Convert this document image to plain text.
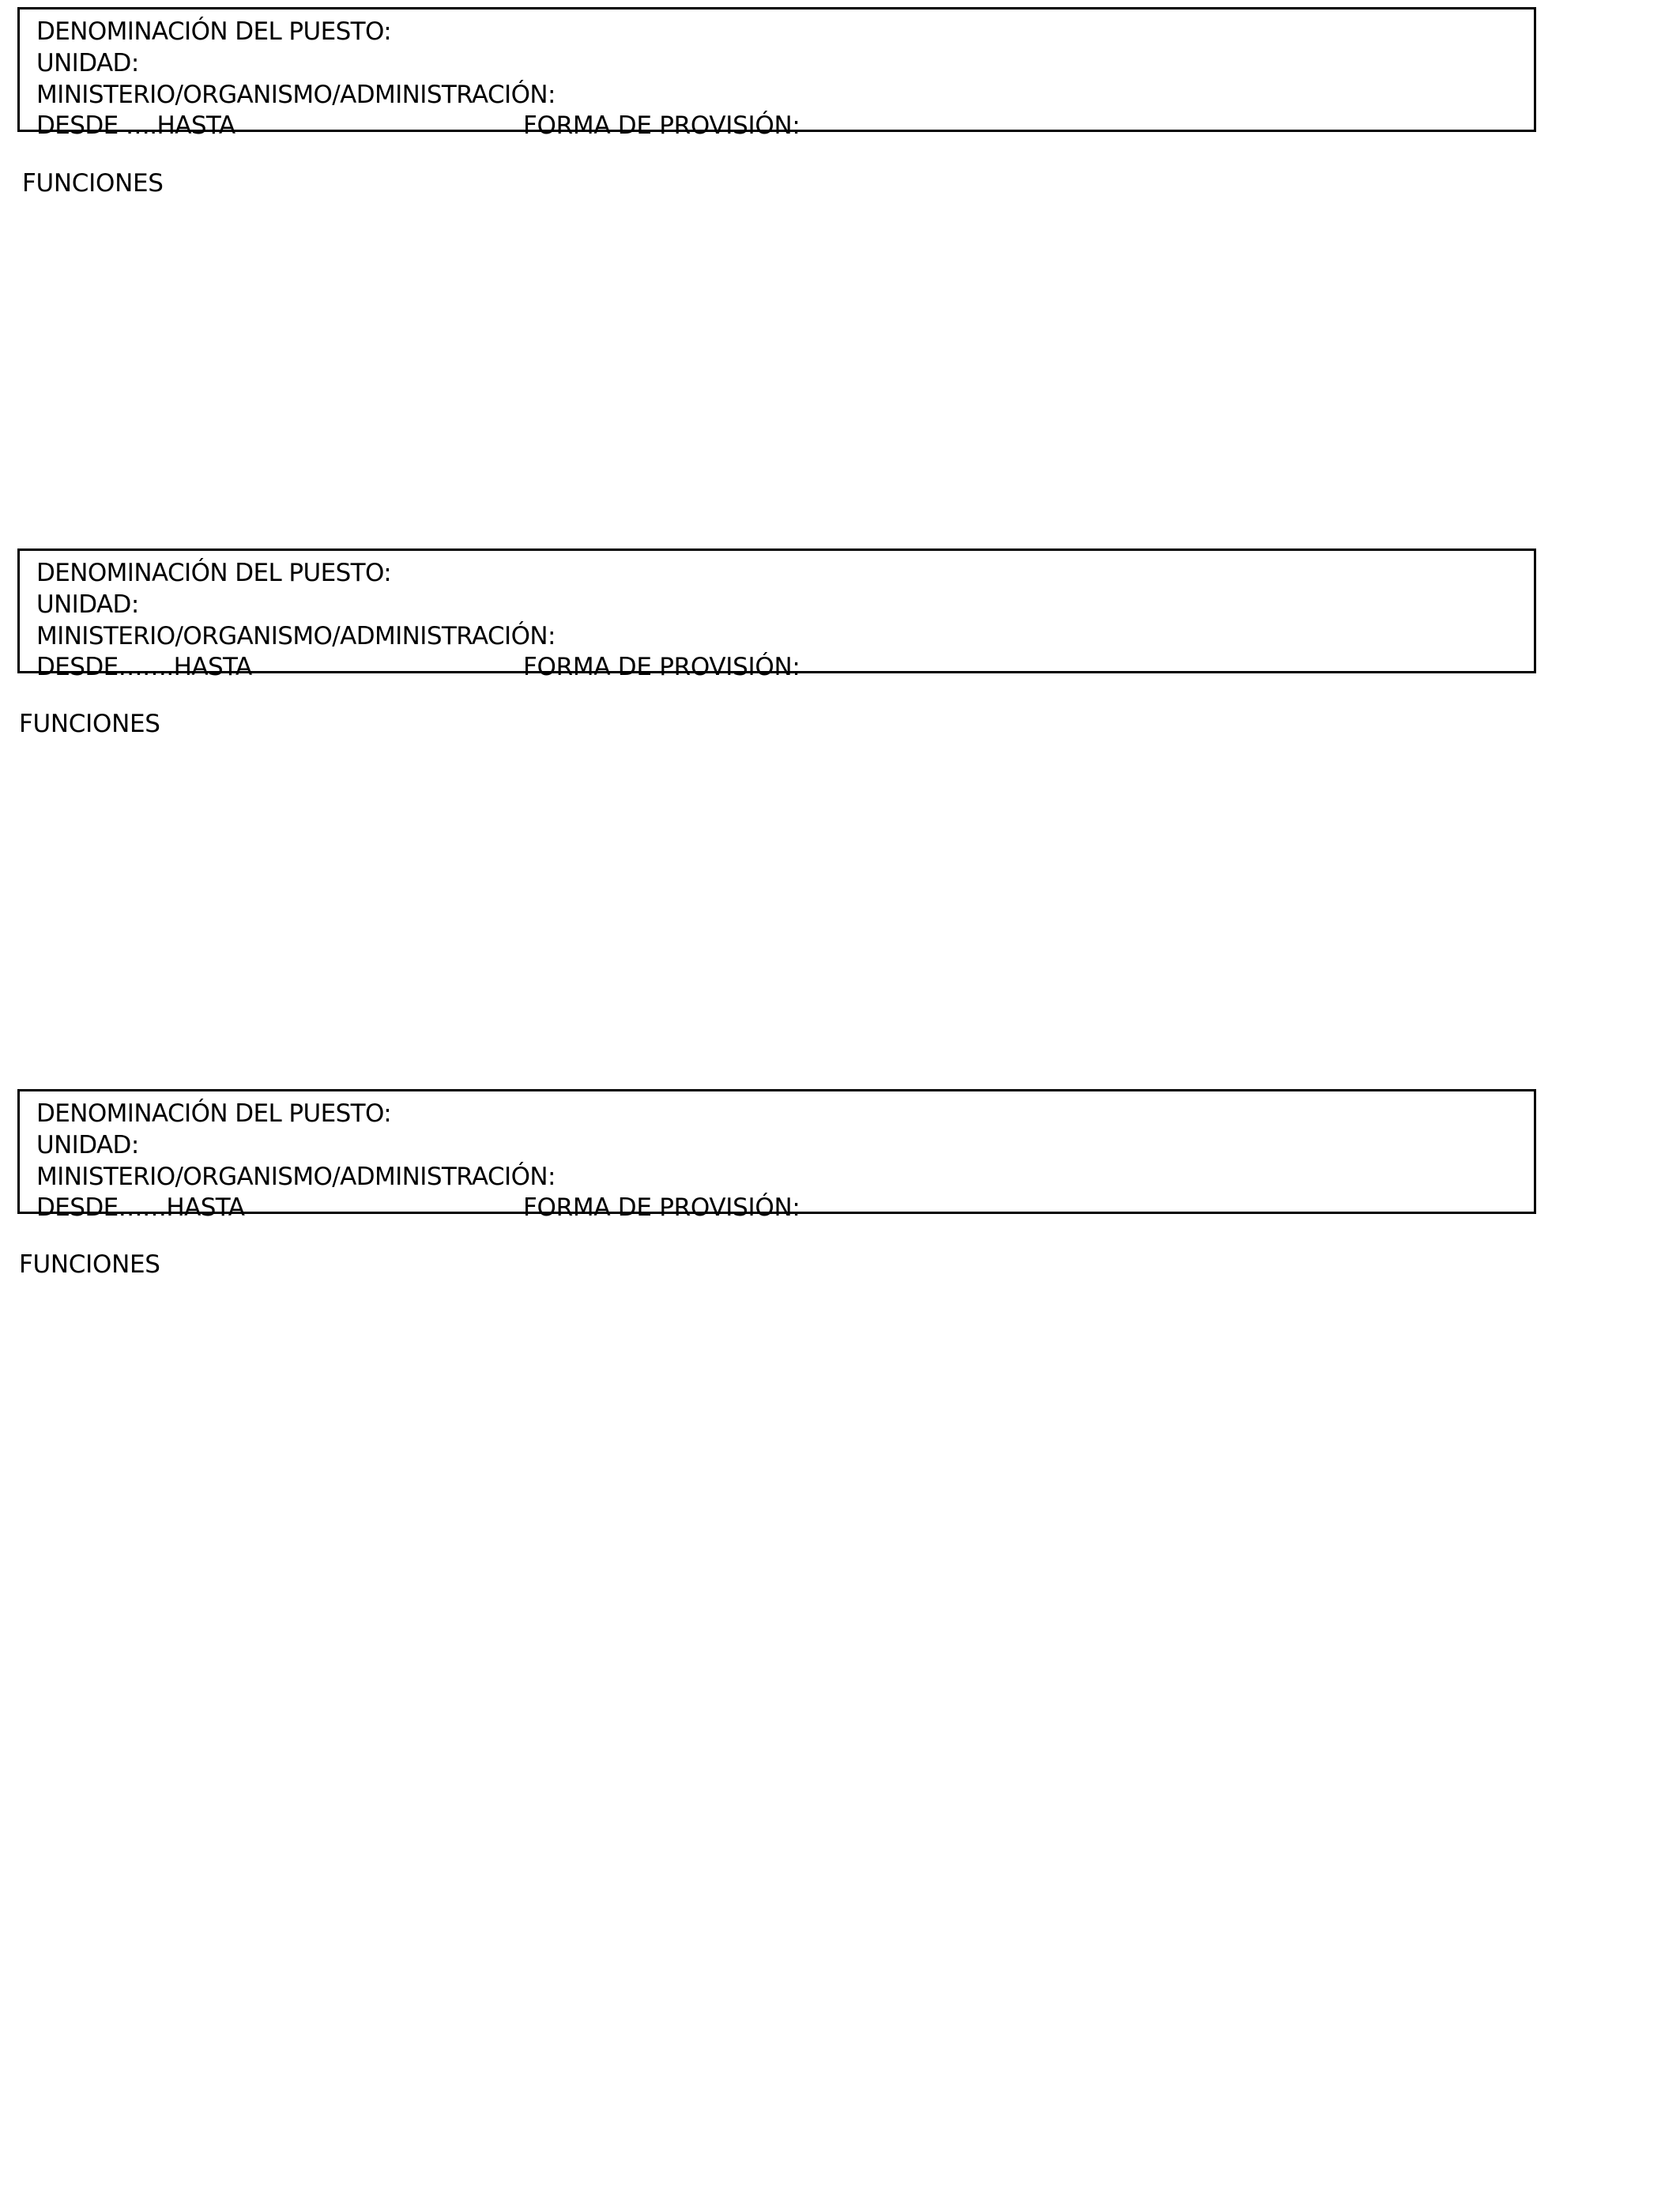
DENOMINACIÓN DEL PUESTO:
UNIDAD:
MINISTERIO/ORGANISMO/ADMINISTRACIÓN:
DESDE ….HASTA	FORMA DE PROVISIÓN:
FUNCIONES
DENOMINACIÓN DEL PUESTO:
UNIDAD:
MINISTERIO/ORGANISMO/ADMINISTRACIÓN:
DESDE…….HASTA	FORMA DE PROVISIÓN:
FUNCIONES
DENOMINACIÓN DEL PUESTO:
UNIDAD:
MINISTERIO/ORGANISMO/ADMINISTRACIÓN:
DESDE……HASTA	FORMA DE PROVISIÓN:
FUNCIONES
